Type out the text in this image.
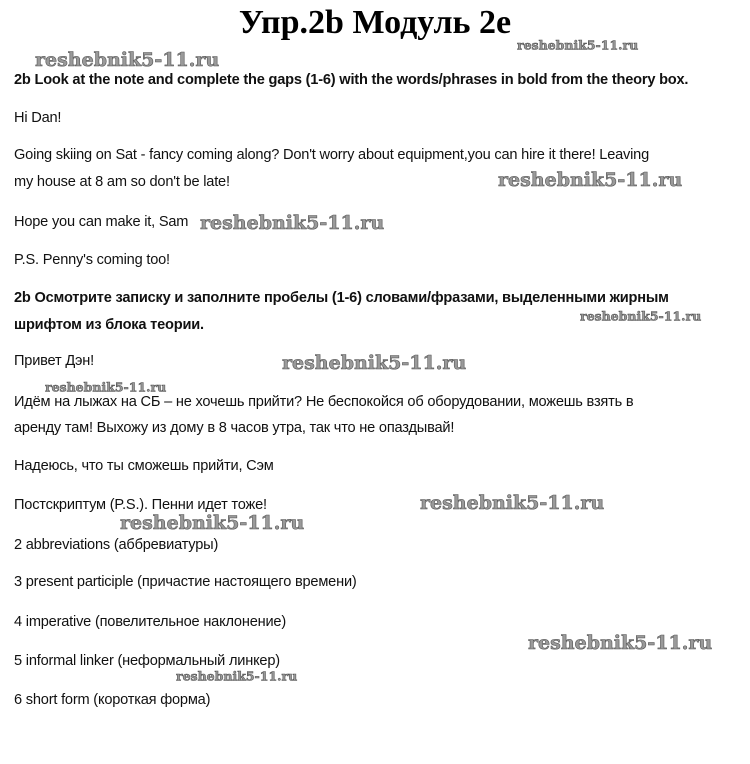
Упр.2b Модуль 2e
2b Look at the note and complete the gaps (1-6) with the words/phrases in bold from the theory box.
Hi Dan!
Going skiing on Sat - fancy coming along? Don't worry about equipment,you can hire it there! Leaving
my house at 8 am so don't be late!
Hope you can make it, Sam
P.S. Penny's coming too!
2b Осмотрите записку и заполните пробелы (1-6) словами/фразами, выделенными жирным
шрифтом из блока теории.
Привет Дэн!
Идём на лыжах на СБ – не хочешь прийти? Не беспокойся об оборудовании, можешь взять в
аренду там! Выхожу из дому в 8 часов утра, так что не опаздывай!
Надеюсь, что ты сможешь прийти, Сэм
Постскриптум (P.S.). Пенни идет тоже!
2 abbreviations (аббревиатуры)
3 present participle (причастие настоящего времени)
4 imperative (повелительное наклонение)
5 informal linker (неформальный линкер)
6 short form (короткая форма)
reshebnik5-11.ru
reshebnik5-11.ru
reshebnik5-11.ru
reshebnik5-11.ru
reshebnik5-11.ru
reshebnik5-11.ru
reshebnik5-11.ru
reshebnik5-11.ru
reshebnik5-11.ru
reshebnik5-11.ru
reshebnik5-11.ru
